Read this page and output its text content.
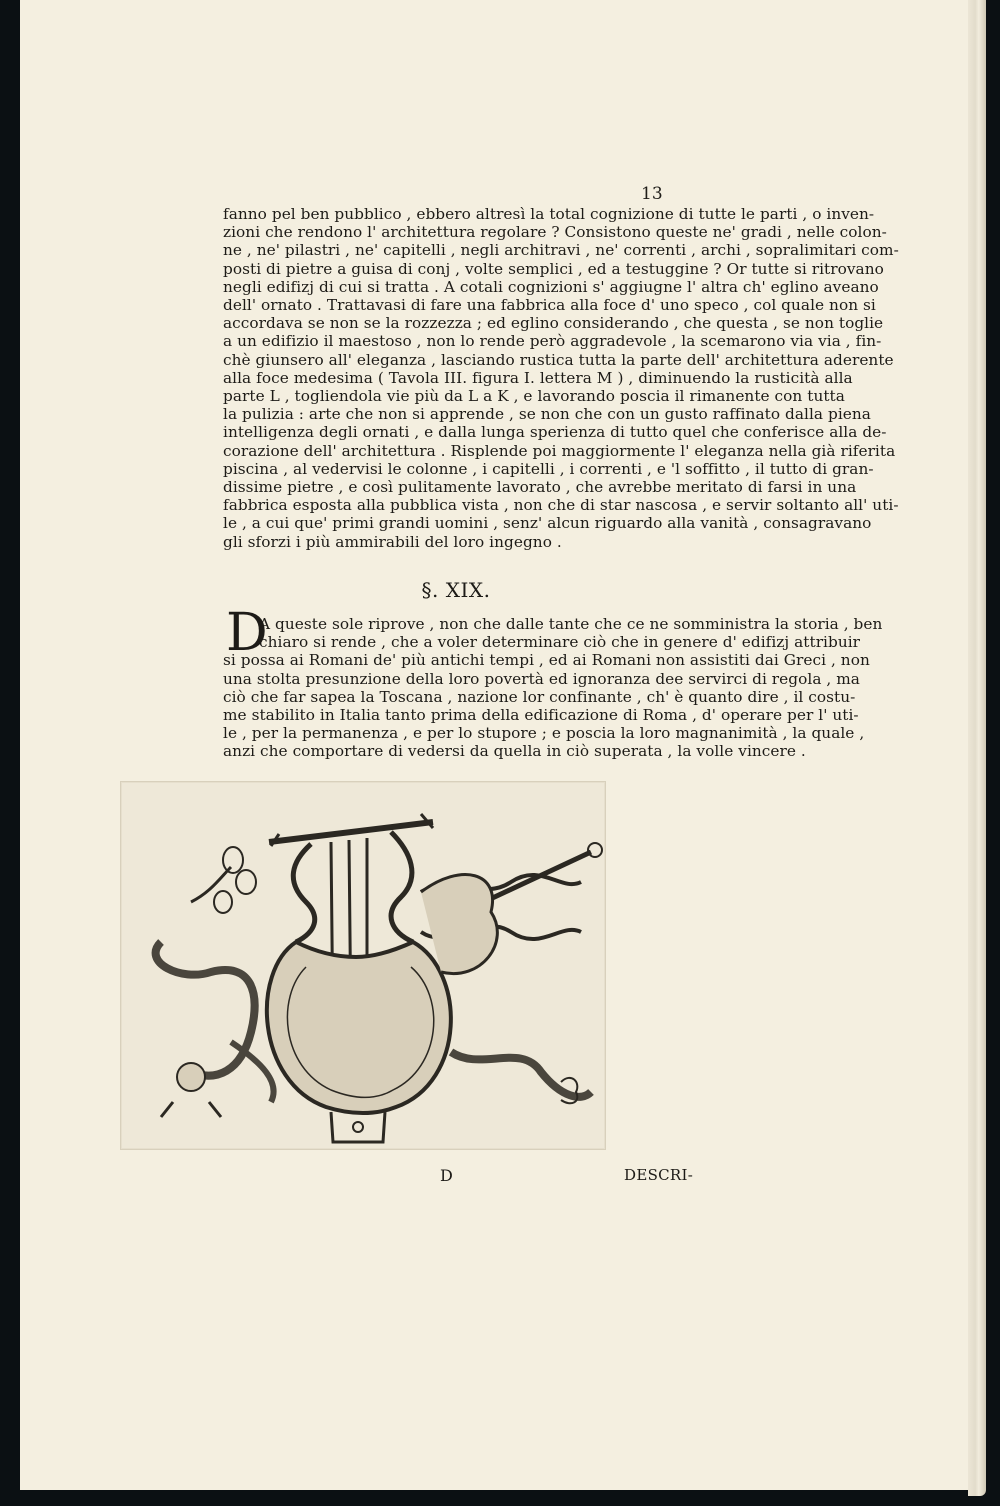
13
fanno pel ben pubblico , ebbero altresì la total cognizione di tutte le parti , o inven-
zioni che rendono l' architettura regolare ? Consistono queste ne' gradi , nelle colon-
ne , ne' pilastri , ne' capitelli , negli architravi , ne' correnti , archi , sopralimitari com-
posti di pietre a guisa di conj , volte semplici , ed a testuggine ? Or tutte si ritrovano
negli edifizj di cui si tratta . A cotali cognizioni s' aggiugne l' altra ch' eglino aveano
dell' ornato . Trattavasi di fare una fabbrica alla foce d' uno speco , col quale non si
accordava se non se la rozzezza ; ed eglino considerando , che questa , se non toglie
a un edifizio il maestoso , non lo rende però aggradevole , la scemarono via via , fin-
chè giunsero all' eleganza , lasciando rustica tutta la parte dell' architettura aderente
alla foce medesima ( Tavola III. figura I. lettera M ) , diminuendo la rusticità alla
parte L , togliendola vie più da L a K , e lavorando poscia il rimanente con tutta
la pulizia : arte che non si apprende , se non che con un gusto raffinato dalla piena
intelligenza degli ornati , e dalla lunga sperienza di tutto quel che conferisce alla de-
corazione dell' architettura . Risplende poi maggiormente l' eleganza nella già riferita
piscina , al vedervisi le colonne , i capitelli , i correnti , e 'l soffitto , il tutto di gran-
dissime pietre , e così pulitamente lavorato , che avrebbe meritato di farsi in una
fabbrica esposta alla pubblica vista , non che di star nascosa , e servir soltanto all' uti-
le , a cui que' primi grandi uomini , senz' alcun riguardo alla vanità , consagravano
gli sforzi i più ammirabili del loro ingegno .
§. XIX.
D
A queste sole riprove , non che dalle tante che ce ne somministra la storia , ben
chiaro si rende , che a voler determinare ciò che in genere d' edifizj attribuir
si possa ai Romani de' più antichi tempi , ed ai Romani non assistiti dai Greci , non
una stolta presunzione della loro povertà ed ignoranza dee servirci di regola , ma
ciò che far sapea la Toscana , nazione lor confinante , ch' è quanto dire , il costu-
me stabilito in Italia tanto prima della edificazione di Roma , d' operare per l' uti-
le , per la permanenza , e per lo stupore ; e poscia la loro magnanimità , la quale ,
anzi che comportare di vedersi da quella in ciò superata , la volle vincere .
D	DESCRI-
